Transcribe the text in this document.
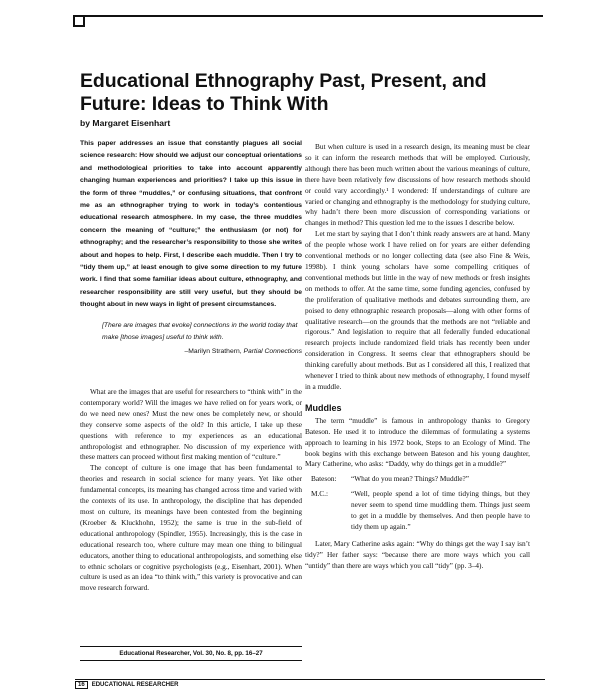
Educational Ethnography Past, Present, and Future: Ideas to Think With

by Margaret Eisenhart

This paper addresses an issue that constantly plagues all social science research: How should we adjust our conceptual orientations and methodological priorities to take into account apparently changing human experiences and priorities? I take up this issue in the form of three “muddles,” or confusing situations, that confront me as an ethnographer trying to work in today’s contentious educational research atmosphere. In my case, the three muddles concern the meaning of “culture;” the enthusiasm (or not) for ethnography; and the researcher’s responsibility to those she writes about and hopes to help. First, I describe each muddle. Then I try to “tidy them up,” at least enough to give some direction to my future work. I find that some familiar ideas about culture, ethnography, and researcher responsibility are still very useful, but they should be thought about in new ways in light of present circumstances.

[There are images that evoke] connections in the world today that make [those images] useful to think with.

–Marilyn Strathern, Partial Connections

What are the images that are useful for researchers to “think with” in the contemporary world? Will the images we have relied on for years work, or do we need new ones? Must the new ones be completely new, or should they conserve some aspects of the old? In this article, I take up these questions with reference to my experiences as an educational anthropologist and ethnographer. No discussion of my experience with these matters can proceed without first making mention of “culture.”

The concept of culture is one image that has been fundamental to theories and research in social science for many years. Yet like other fundamental concepts, its meaning has changed across time and varied with the contexts of its use. In anthropology, the discipline that has depended most on culture, its meanings have been contested from the beginning (Kroeber & Kluckhohn, 1952); the same is true in the sub-field of educational anthropology (Spindler, 1955). Increasingly, this is the case in educational research too, where culture may mean one thing to bilingual educators, another thing to educational anthropologists, and something else to ethnic scholars or cognitive psychologists (e.g., Eisenhart, 2001). When culture is used as an idea “to think with,” this variety is provocative and can move research forward.

But when culture is used in a research design, its meaning must be clear so it can inform the research methods that will be employed. Curiously, although there has been much written about the various meanings of culture, there have been relatively few discussions of how research methods should or could vary accordingly.¹ I wondered: If understandings of culture are varied or changing and ethnography is the methodology for studying culture, why hadn’t there been more discussion of corresponding variations or changes in method? This question led me to the issues I describe below.

Let me start by saying that I don’t think ready answers are at hand. Many of the people whose work I have relied on for years are either defending conventional methods or no longer collecting data (see also Fine & Weis, 1998b). I think young scholars have some compelling critiques of conventional methods but little in the way of new methods or fresh insights on methods to offer. At the same time, some funding agencies, confused by the proliferation of qualitative methods and debates surrounding them, are poised to deny ethnographic research proposals—along with other forms of qualitative research—on the grounds that the methods are not “reliable and rigorous.” And legislation to require that all federally funded educational research projects include randomized field trials has recently been under consideration in Congress. It seems clear that ethnographers should be thinking carefully about methods. But as I considered all this, I realized that whenever I tried to think about new methods of ethnography, I found myself in a muddle.

Muddles

The term “muddle” is famous in anthropology thanks to Gregory Bateson. He used it to introduce the dilemmas of formulating a systems approach to learning in his 1972 book, Steps to an Ecology of Mind. The book begins with this exchange between Bateson and his young daughter, Mary Catherine, who asks: “Daddy, why do things get in a muddle?”

Bateson:	“What do you mean? Things? Muddle?”
M.C.:	“Well, people spend a lot of time tidying things, but they never seem to spend time muddling them. Things just seem to get in a muddle by themselves. And then people have to tidy them up again.”

Later, Mary Catherine asks again: “Why do things get the way I say isn’t tidy?” Her father says: “because there are more ways which you call “untidy” than there are ways which you call “tidy” (pp. 3–4).

Educational Researcher, Vol. 30, No. 8, pp. 16–27
16	EDUCATIONAL RESEARCHER
